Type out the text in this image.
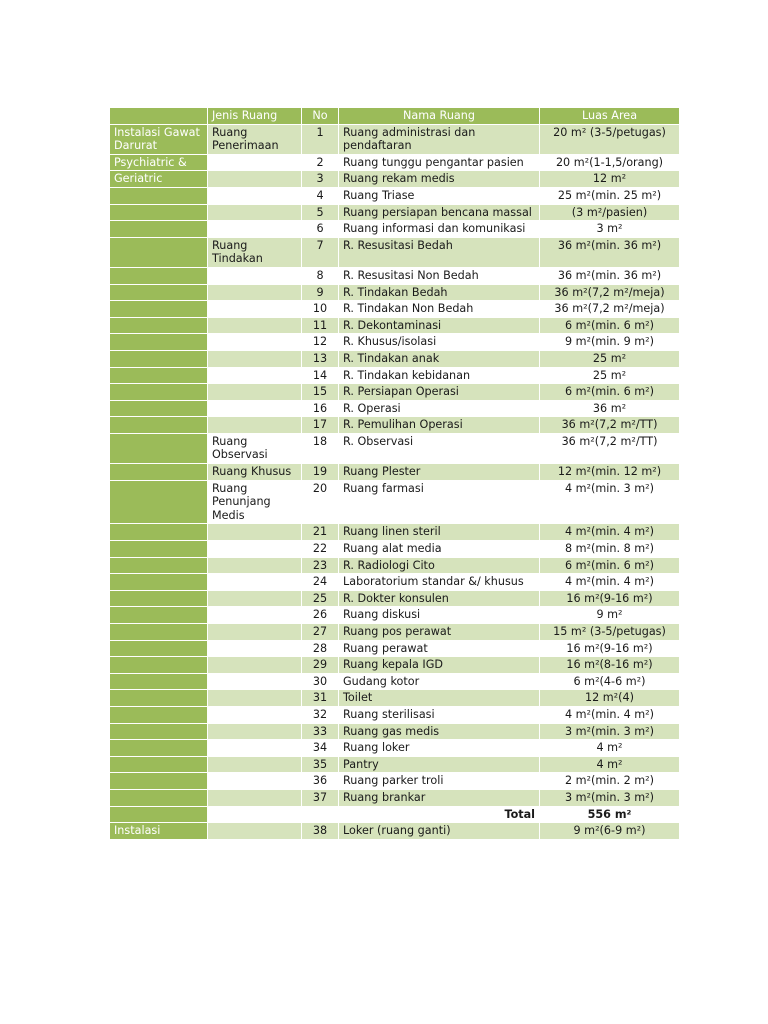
	Jenis Ruang	No	Nama Ruang	Luas Area
Instalasi Gawat Darurat	Ruang Penerimaan	1	Ruang administrasi dan pendaftaran	20 m² (3-5/petugas)
Psychiatric &		2	Ruang tunggu pengantar pasien	20 m²(1-1,5/orang)
Geriatric		3	Ruang rekam medis	12 m²
		4	Ruang Triase	25 m²(min. 25 m²)
		5	Ruang persiapan bencana massal	(3 m²/pasien)
		6	Ruang informasi dan komunikasi	3 m²
	Ruang Tindakan	7	R. Resusitasi Bedah	36 m²(min. 36 m²)
		8	R. Resusitasi Non Bedah	36 m²(min. 36 m²)
		9	R. Tindakan Bedah	36 m²(7,2 m²/meja)
		10	R. Tindakan Non Bedah	36 m²(7,2 m²/meja)
		11	R. Dekontaminasi	6 m²(min. 6 m²)
		12	R. Khusus/isolasi	9 m²(min. 9 m²)
		13	R. Tindakan anak	25 m²
		14	R. Tindakan kebidanan	25 m²
		15	R. Persiapan Operasi	6 m²(min. 6 m²)
		16	R. Operasi	36 m²
		17	R. Pemulihan Operasi	36 m²(7,2 m²/TT)
	Ruang Observasi	18	R. Observasi	36 m²(7,2 m²/TT)
	Ruang Khusus	19	Ruang Plester	12 m²(min. 12 m²)
	Ruang Penunjang Medis	20	Ruang farmasi	4 m²(min. 3 m²)
		21	Ruang linen steril	4 m²(min. 4 m²)
		22	Ruang alat media	8 m²(min. 8 m²)
		23	R. Radiologi Cito	6 m²(min. 6 m²)
		24	Laboratorium standar &/ khusus	4 m²(min. 4 m²)
		25	R. Dokter konsulen	16 m²(9-16 m²)
		26	Ruang diskusi	9 m²
		27	Ruang pos perawat	15 m² (3-5/petugas)
		28	Ruang perawat	16 m²(9-16 m²)
		29	Ruang kepala IGD	16 m²(8-16 m²)
		30	Gudang kotor	6 m²(4-6 m²)
		31	Toilet	12 m²(4)
		32	Ruang sterilisasi	4 m²(min. 4 m²)
		33	Ruang gas medis	3 m²(min. 3 m²)
		34	Ruang loker	4 m²
		35	Pantry	4 m²
		36	Ruang parker troli	2 m²(min. 2 m²)
		37	Ruang brankar	3 m²(min. 3 m²)
	Total			556 m²
Instalasi		38	Loker (ruang ganti)	9 m²(6-9 m²)
